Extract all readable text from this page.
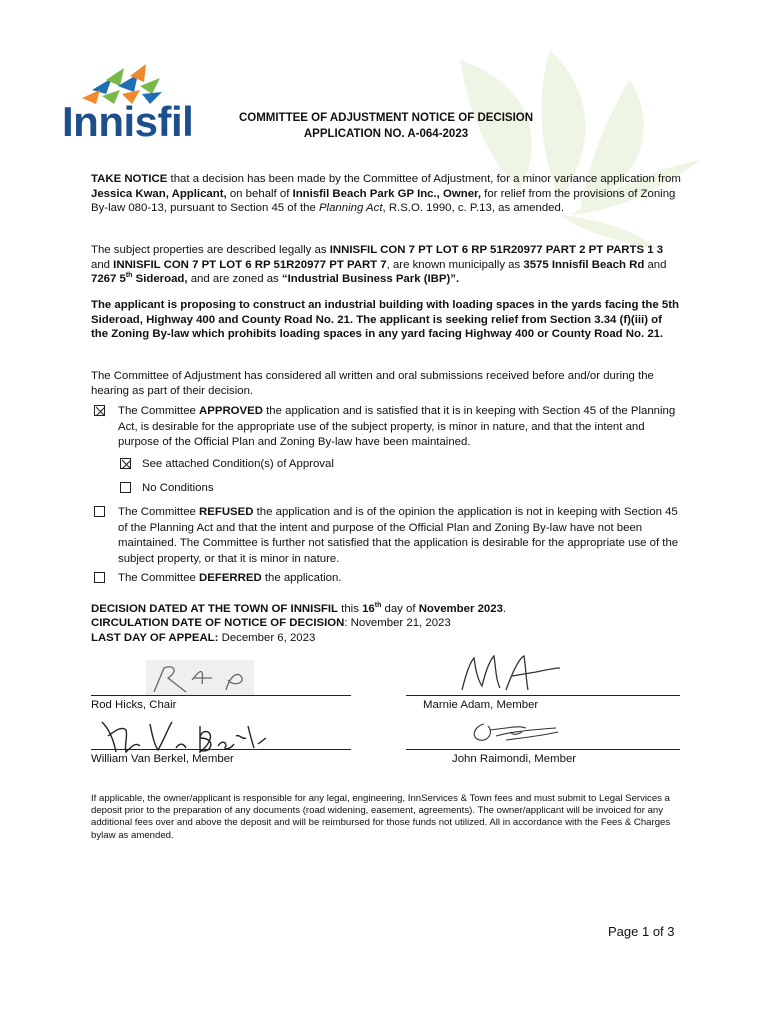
Innisfil	COMMITTEE OF ADJUSTMENT NOTICE OF DECISION
APPLICATION NO. A-064-2023
TAKE NOTICE that a decision has been made by the Committee of Adjustment, for a minor variance application from Jessica Kwan, Applicant, on behalf of Innisfil Beach Park GP Inc., Owner, for relief from the provisions of Zoning By-law 080-13, pursuant to Section 45 of the Planning Act, R.S.O. 1990, c. P.13, as amended.
The subject properties are described legally as INNISFIL CON 7 PT LOT 6 RP 51R20977 PART 2 PT PARTS 1 3 and INNISFIL CON 7 PT LOT 6 RP 51R20977 PT PART 7, are known municipally as 3575 Innisfil Beach Rd and 7267 5th Sideroad, and are zoned as “Industrial Business Park (IBP)”.
The applicant is proposing to construct an industrial building with loading spaces in the yards facing the 5th Sideroad, Highway 400 and County Road No. 21. The applicant is seeking relief from Section 3.34 (f)(iii) of the Zoning By-law which prohibits loading spaces in any yard facing Highway 400 or County Road No. 21.
The Committee of Adjustment has considered all written and oral submissions received before and/or during the hearing as part of their decision.
The Committee APPROVED the application and is satisfied that it is in keeping with Section 45 of the Planning Act, is desirable for the appropriate use of the subject property, is minor in nature, and that the intent and purpose of the Official Plan and Zoning By-law have been maintained.
See attached Condition(s) of Approval
No Conditions
The Committee REFUSED the application and is of the opinion the application is not in keeping with Section 45 of the Planning Act and that the intent and purpose of the Official Plan and Zoning By-law have not been maintained. The Committee is further not satisfied that the application is desirable for the appropriate use of the subject property, or that it is minor in nature.
The Committee DEFERRED the application.
DECISION DATED AT THE TOWN OF INNISFIL this 16th day of November 2023.
CIRCULATION DATE OF NOTICE OF DECISION: November 21, 2023
LAST DAY OF APPEAL: December 6, 2023
Rod Hicks, Chair	Marnie Adam, Member
William Van Berkel, Member	John Raimondi, Member
If applicable, the owner/applicant is responsible for any legal, engineering, InnServices & Town fees and must submit to Legal Services a deposit prior to the preparation of any documents (road widening, easement, agreements). The owner/applicant will be invoiced for any additional fees over and above the deposit and will be reimbursed for those funds not utilized. All in accordance with the Fees & Charges bylaw as amended.
Page 1 of 3
